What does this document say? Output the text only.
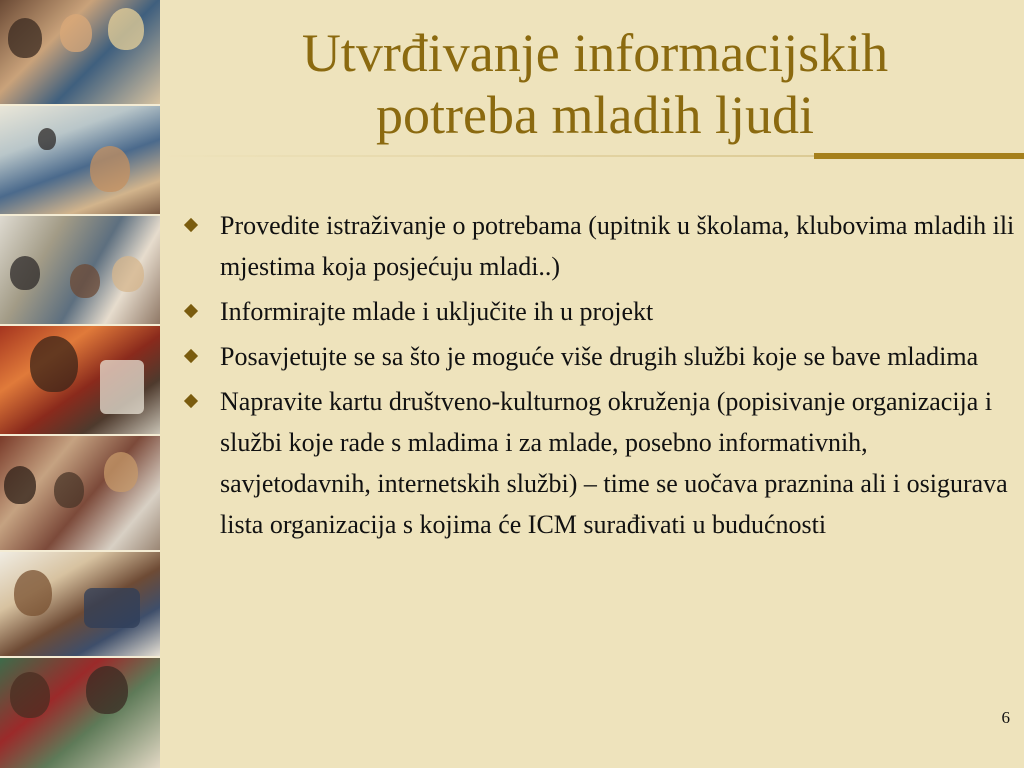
Utvrđivanje informacijskih
potreba mladih ljudi
Provedite istraživanje o potrebama (upitnik u školama, klubovima mladih ili mjestima koja posjećuju mladi..)
Informirajte mlade i uključite ih u projekt
Posavjetujte se sa što je moguće više drugih službi koje se bave mladima
Napravite kartu društveno-kulturnog okruženja (popisivanje organizacija i službi koje rade s mladima i za mlade, posebno informativnih, savjetodavnih, internetskih službi) – time se uočava praznina ali i osigurava lista organizacija s kojima će ICM surađivati u budućnosti
6
